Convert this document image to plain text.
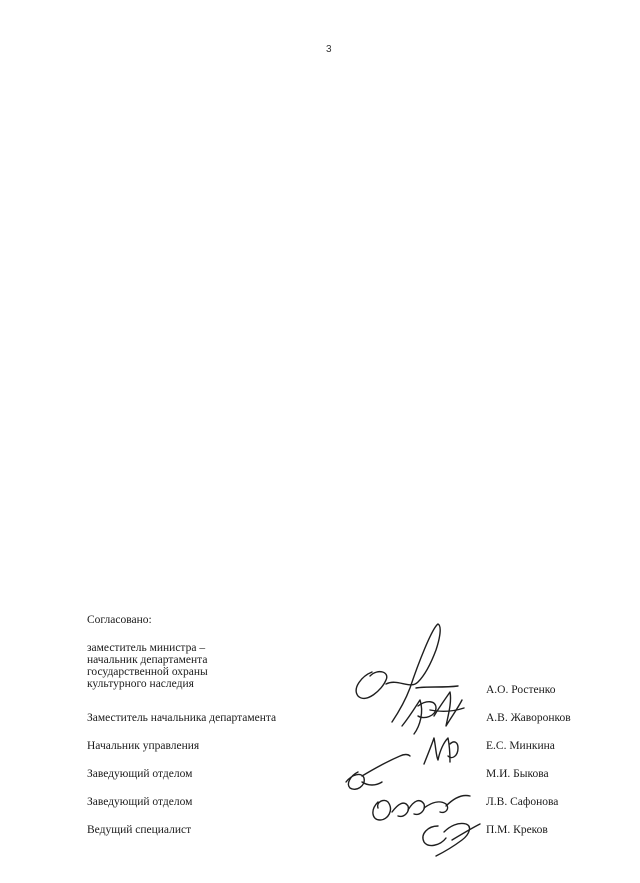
3
Согласовано:
заместитель министра –
начальник департамента
государственной охраны
культурного наследия	А.О. Ростенко
Заместитель начальника департамента	А.В. Жаворонков
Начальник управления	Е.С. Минкина
Заведующий отделом	М.И. Быкова
Заведующий отделом	Л.В. Сафонова
Ведущий специалист	П.М. Креков
